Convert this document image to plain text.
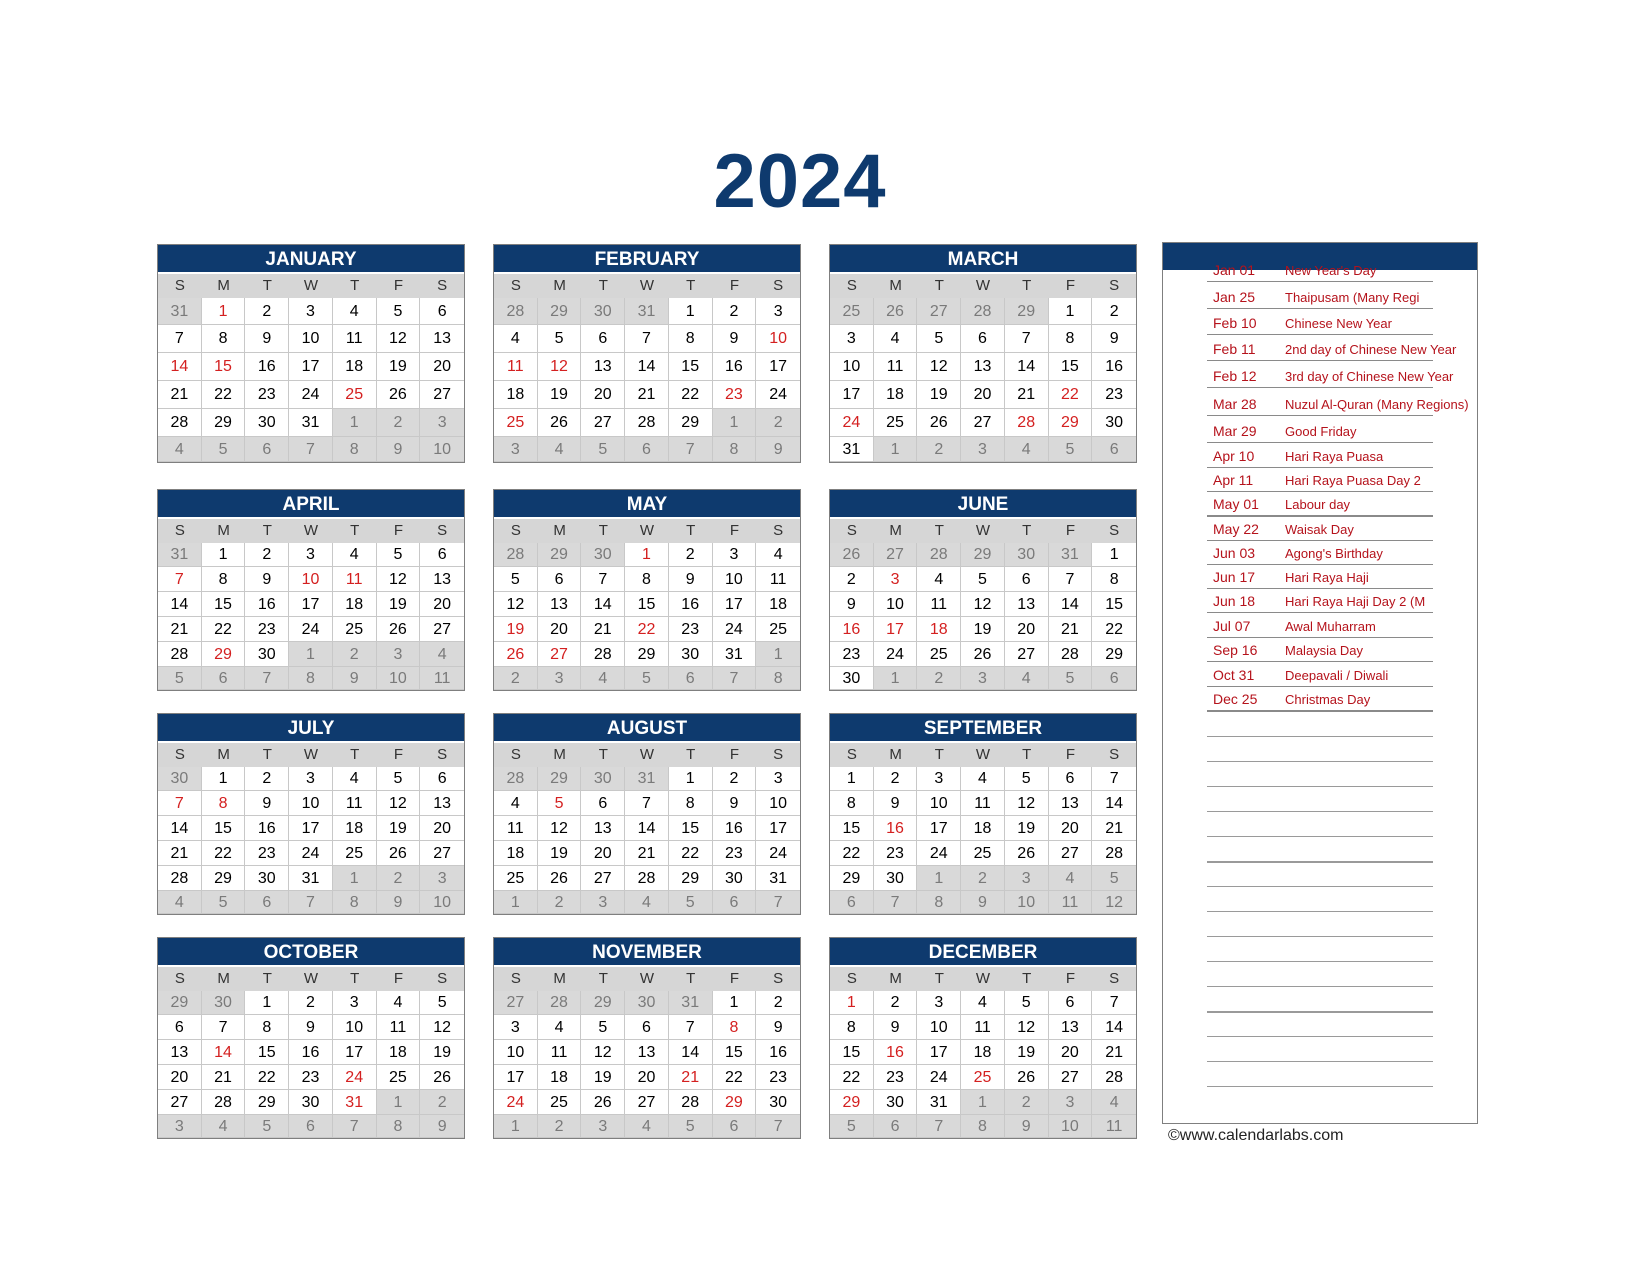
2024
JANUARY
S	M	T	W	T	F	S
31	1	2	3	4	5	6
7	8	9	10	11	12	13
14	15	16	17	18	19	20
21	22	23	24	25	26	27
28	29	30	31	1	2	3
4	5	6	7	8	9	10
FEBRUARY
S	M	T	W	T	F	S
28	29	30	31	1	2	3
4	5	6	7	8	9	10
11	12	13	14	15	16	17
18	19	20	21	22	23	24
25	26	27	28	29	1	2
3	4	5	6	7	8	9
MARCH
S	M	T	W	T	F	S
25	26	27	28	29	1	2
3	4	5	6	7	8	9
10	11	12	13	14	15	16
17	18	19	20	21	22	23
24	25	26	27	28	29	30
31	1	2	3	4	5	6
APRIL
S	M	T	W	T	F	S
31	1	2	3	4	5	6
7	8	9	10	11	12	13
14	15	16	17	18	19	20
21	22	23	24	25	26	27
28	29	30	1	2	3	4
5	6	7	8	9	10	11
MAY
S	M	T	W	T	F	S
28	29	30	1	2	3	4
5	6	7	8	9	10	11
12	13	14	15	16	17	18
19	20	21	22	23	24	25
26	27	28	29	30	31	1
2	3	4	5	6	7	8
JUNE
S	M	T	W	T	F	S
26	27	28	29	30	31	1
2	3	4	5	6	7	8
9	10	11	12	13	14	15
16	17	18	19	20	21	22
23	24	25	26	27	28	29
30	1	2	3	4	5	6
JULY
S	M	T	W	T	F	S
30	1	2	3	4	5	6
7	8	9	10	11	12	13
14	15	16	17	18	19	20
21	22	23	24	25	26	27
28	29	30	31	1	2	3
4	5	6	7	8	9	10
AUGUST
S	M	T	W	T	F	S
28	29	30	31	1	2	3
4	5	6	7	8	9	10
11	12	13	14	15	16	17
18	19	20	21	22	23	24
25	26	27	28	29	30	31
1	2	3	4	5	6	7
SEPTEMBER
S	M	T	W	T	F	S
1	2	3	4	5	6	7
8	9	10	11	12	13	14
15	16	17	18	19	20	21
22	23	24	25	26	27	28
29	30	1	2	3	4	5
6	7	8	9	10	11	12
OCTOBER
S	M	T	W	T	F	S
29	30	1	2	3	4	5
6	7	8	9	10	11	12
13	14	15	16	17	18	19
20	21	22	23	24	25	26
27	28	29	30	31	1	2
3	4	5	6	7	8	9
NOVEMBER
S	M	T	W	T	F	S
27	28	29	30	31	1	2
3	4	5	6	7	8	9
10	11	12	13	14	15	16
17	18	19	20	21	22	23
24	25	26	27	28	29	30
1	2	3	4	5	6	7
DECEMBER
S	M	T	W	T	F	S
1	2	3	4	5	6	7
8	9	10	11	12	13	14
15	16	17	18	19	20	21
22	23	24	25	26	27	28
29	30	31	1	2	3	4
5	6	7	8	9	10	11
Jan 01 New Year's Day
Jan 25 Thaipusam (Many Regi
Feb 10 Chinese New Year
Feb 11 2nd day of Chinese New Year
Feb 12 3rd day of Chinese New Year
Mar 28 Nuzul Al-Quran (Many Regions)
Mar 29 Good Friday
Apr 10 Hari Raya Puasa
Apr 11 Hari Raya Puasa Day 2
May 01 Labour day
May 22 Waisak Day
Jun 03 Agong's Birthday
Jun 17 Hari Raya Haji
Jun 18 Hari Raya Haji Day 2 (M
Jul 07	Awal Muharram
Sep 16 Malaysia Day
Oct 31 Deepavali / Diwali
Dec 25 Christmas Day
©www.calendarlabs.com
